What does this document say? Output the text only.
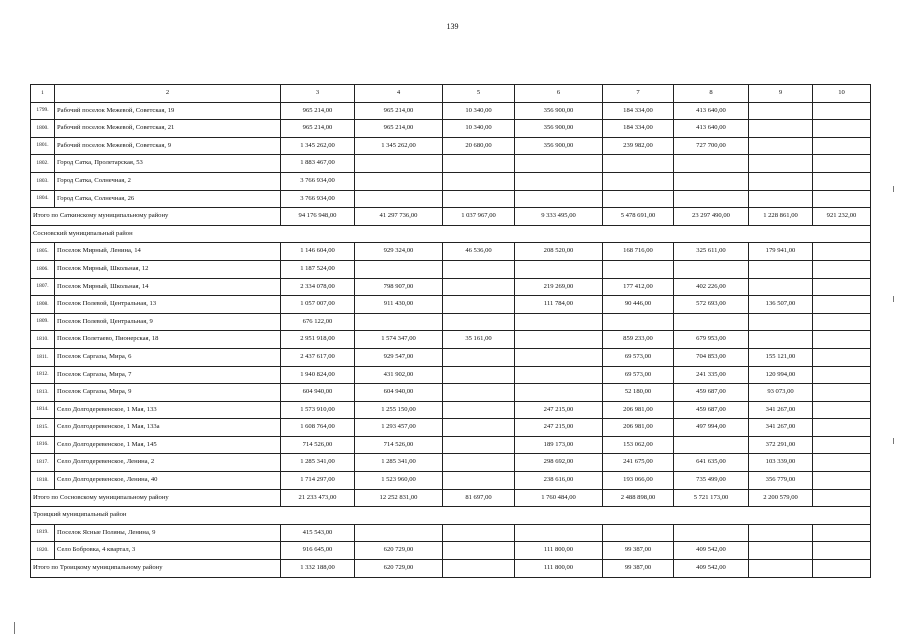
139
1	2	3	4	5	6	7	8	9	10
1799.	Рабочий поселок Межевой, Советская, 19	965 214,00	965 214,00	10 340,00	356 900,00	184 334,00	413 640,00		
1800.	Рабочий поселок Межевой, Советская, 21	965 214,00	965 214,00	10 340,00	356 900,00	184 334,00	413 640,00		
1801.	Рабочий поселок Межевой, Советская, 9	1 345 262,00	1 345 262,00	20 680,00	356 900,00	239 982,00	727 700,00		
1802.	Город Сатка, Пролетарская, 53	1 883 467,00							
1803.	Город Сатка, Солнечная, 2	3 766 934,00							
1804.	Город Сатка, Солнечная, 26	3 766 934,00							
Итого по Саткинскому муниципальному району		94 176 948,00	41 297 736,00	1 037 967,00	9 333 495,00	5 478 691,00	23 297 490,00	1 228 861,00	921 232,00
Сосновский муниципальный район									
1805.	Поселок Мирный, Ленина, 14	1 146 604,00	929 324,00	46 536,00	208 520,00	168 716,00	325 611,00	179 941,00	
1806.	Поселок Мирный, Школьная, 12	1 187 524,00							
1807.	Поселок Мирный, Школьная, 14	2 334 078,00	798 907,00		219 269,00	177 412,00	402 226,00		
1808.	Поселок Полевой, Центральная, 13	1 057 007,00	911 430,00		111 784,00	90 446,00	572 693,00	136 507,00	
1809.	Поселок Полевой, Центральная, 9	676 122,00							
1810.	Поселок Полетаево, Пионерская, 18	2 951 918,00	1 574 347,00	35 161,00		859 233,00	679 953,00		
1811.	Поселок Саргазы, Мира, 6	2 437 617,00	929 547,00			69 573,00	704 853,00	155 121,00	
1812.	Поселок Саргазы, Мира, 7	1 940 824,00	431 902,00			69 573,00	241 335,00	120 994,00	
1813.	Поселок Саргазы, Мира, 9	604 940,00	604 940,00			52 180,00	459 687,00	93 073,00	
1814.	Село Долгодеревенское, 1 Мая, 133	1 573 910,00	1 255 150,00		247 215,00	206 981,00	459 687,00	341 267,00	
1815.	Село Долгодеревенское, 1 Мая, 133а	1 608 764,00	1 293 457,00		247 215,00	206 981,00	497 994,00	341 267,00	
1816.	Село Долгодеревенское, 1 Мая, 145	714 526,00	714 526,00		189 173,00	153 062,00		372 291,00	
1817.	Село Долгодеревенское, Ленина, 2	1 285 341,00	1 285 341,00		298 692,00	241 675,00	641 635,00	103 339,00	
1818.	Село Долгодеревенское, Ленина, 40	1 714 297,00	1 523 960,00		238 616,00	193 066,00	735 499,00	356 779,00	
Итого по Сосновскому муниципальному району		21 233 473,00	12 252 831,00	81 697,00	1 760 484,00	2 488 898,00	5 721 173,00	2 200 579,00	
Троицкий муниципальный район									
1819.	Поселок Ясные Поляны, Ленина, 9	415 543,00							
1820.	Село Бобровка, 4 квартал, 3	916 645,00	620 729,00		111 800,00	99 387,00	409 542,00		
Итого по Троицкому муниципальному району		1 332 188,00	620 729,00		111 800,00	99 387,00	409 542,00		
